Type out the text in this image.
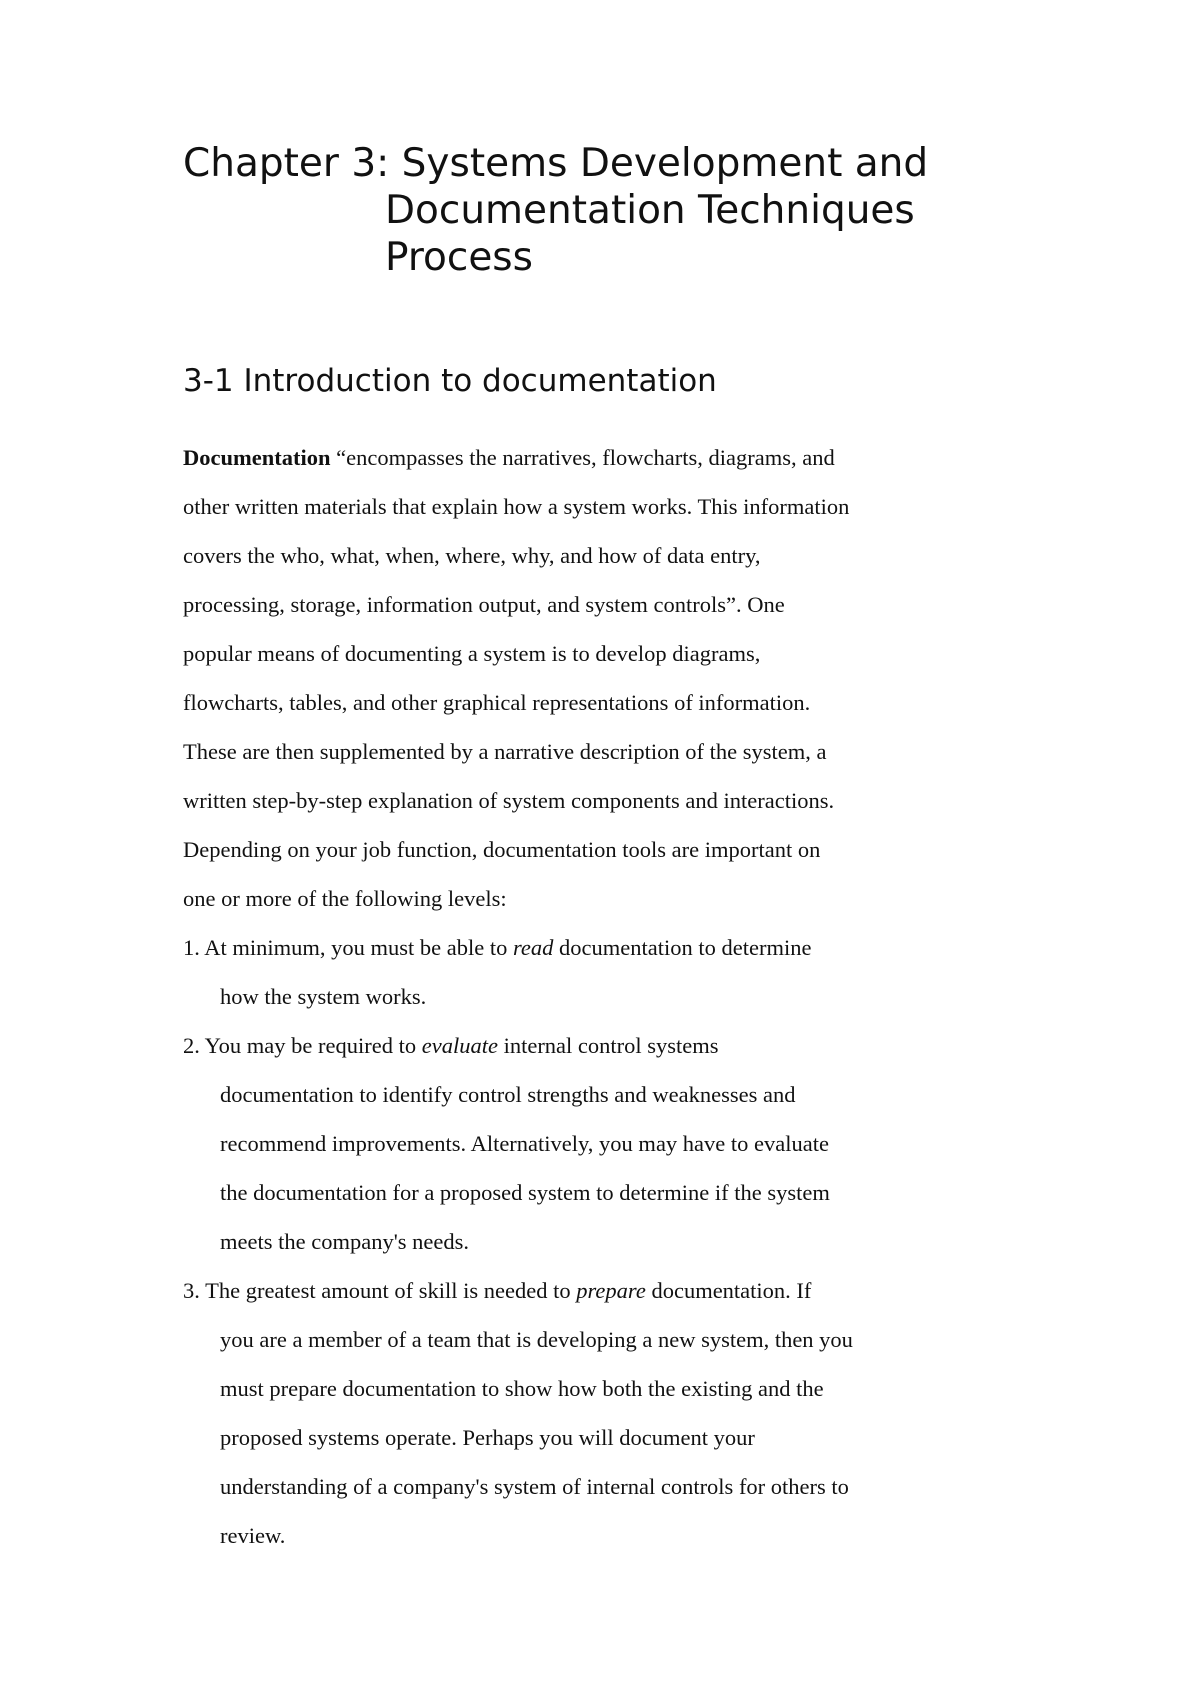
Chapter 3: Systems Development and
Documentation Techniques
Process
3-1 Introduction to documentation
Documentation “encompasses the narratives, flowcharts, diagrams, and
other written materials that explain how a system works. This information
covers the who, what, when, where, why, and how of data entry,
processing, storage, information output, and system controls”. One
popular means of documenting a system is to develop diagrams,
flowcharts, tables, and other graphical representations of information.
These are then supplemented by a narrative description of the system, a
written step-by-step explanation of system components and interactions.
Depending on your job function, documentation tools are important on
one or more of the following levels:
1. At minimum, you must be able to read documentation to determine
how the system works.
2. You may be required to evaluate internal control systems
documentation to identify control strengths and weaknesses and
recommend improvements. Alternatively, you may have to evaluate
the documentation for a proposed system to determine if the system
meets the company's needs.
3. The greatest amount of skill is needed to prepare documentation. If
you are a member of a team that is developing a new system, then you
must prepare documentation to show how both the existing and the
proposed systems operate. Perhaps you will document your
understanding of a company's system of internal controls for others to
review.
